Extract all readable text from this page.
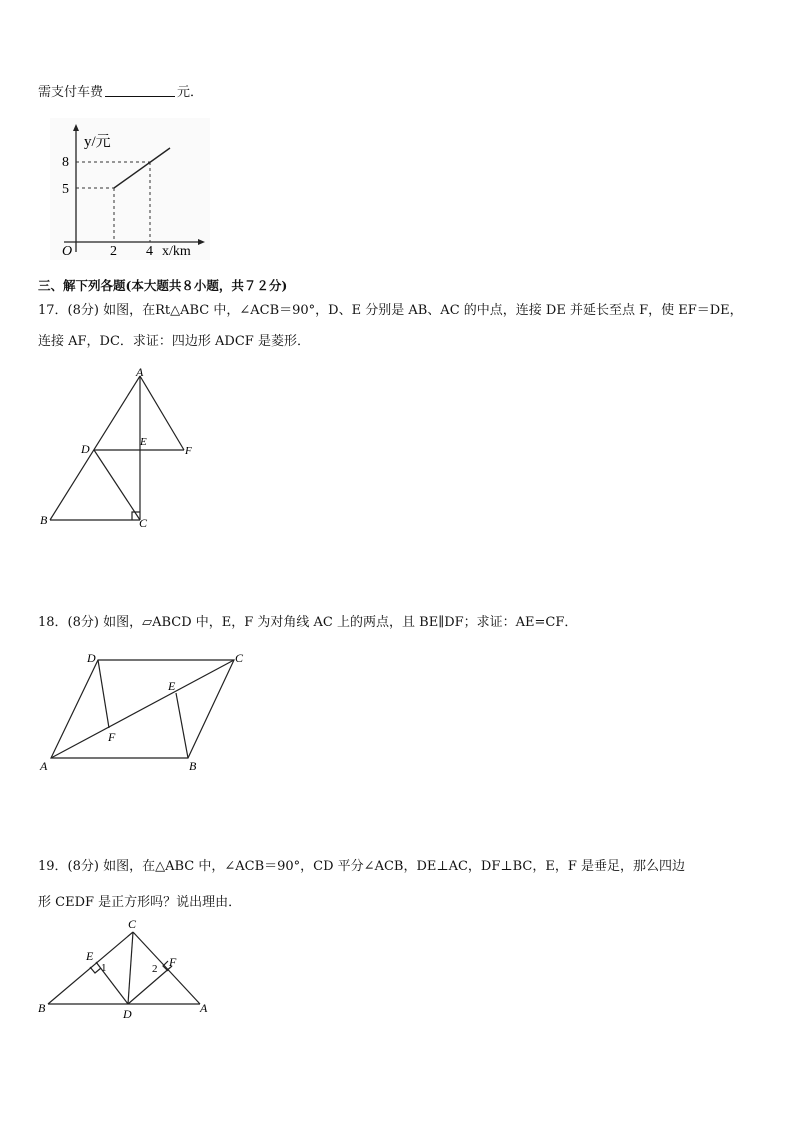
需支付车费	元．
y/元
8
5
O	2 4 x/km
三、解下列各题(本大题共８小题，共７２分)
17．(8分) 如图，在Rt△ABC 中，∠ACB＝90°，D、E 分别是 AB、AC 的中点，连接 DE 并延长至点 F，使 EF＝DE，
连接 AF，DC．求证：四边形 ADCF 是菱形．
A
B	C
D	E
F
18．(8分) 如图，▱ABCD 中，E，F 为对角线 AC 上的两点，且 BE∥DF；求证：AE=CF．
A	B
C
D
E
F
19．(8分) 如图，在△ABC 中，∠ACB＝90°，CD 平分∠ACB，DE⊥AC，DF⊥BC，E，F 是垂足，那么四边
形 CEDF 是正方形吗？说出理由．
B	A
C
D
E	F
1	2
